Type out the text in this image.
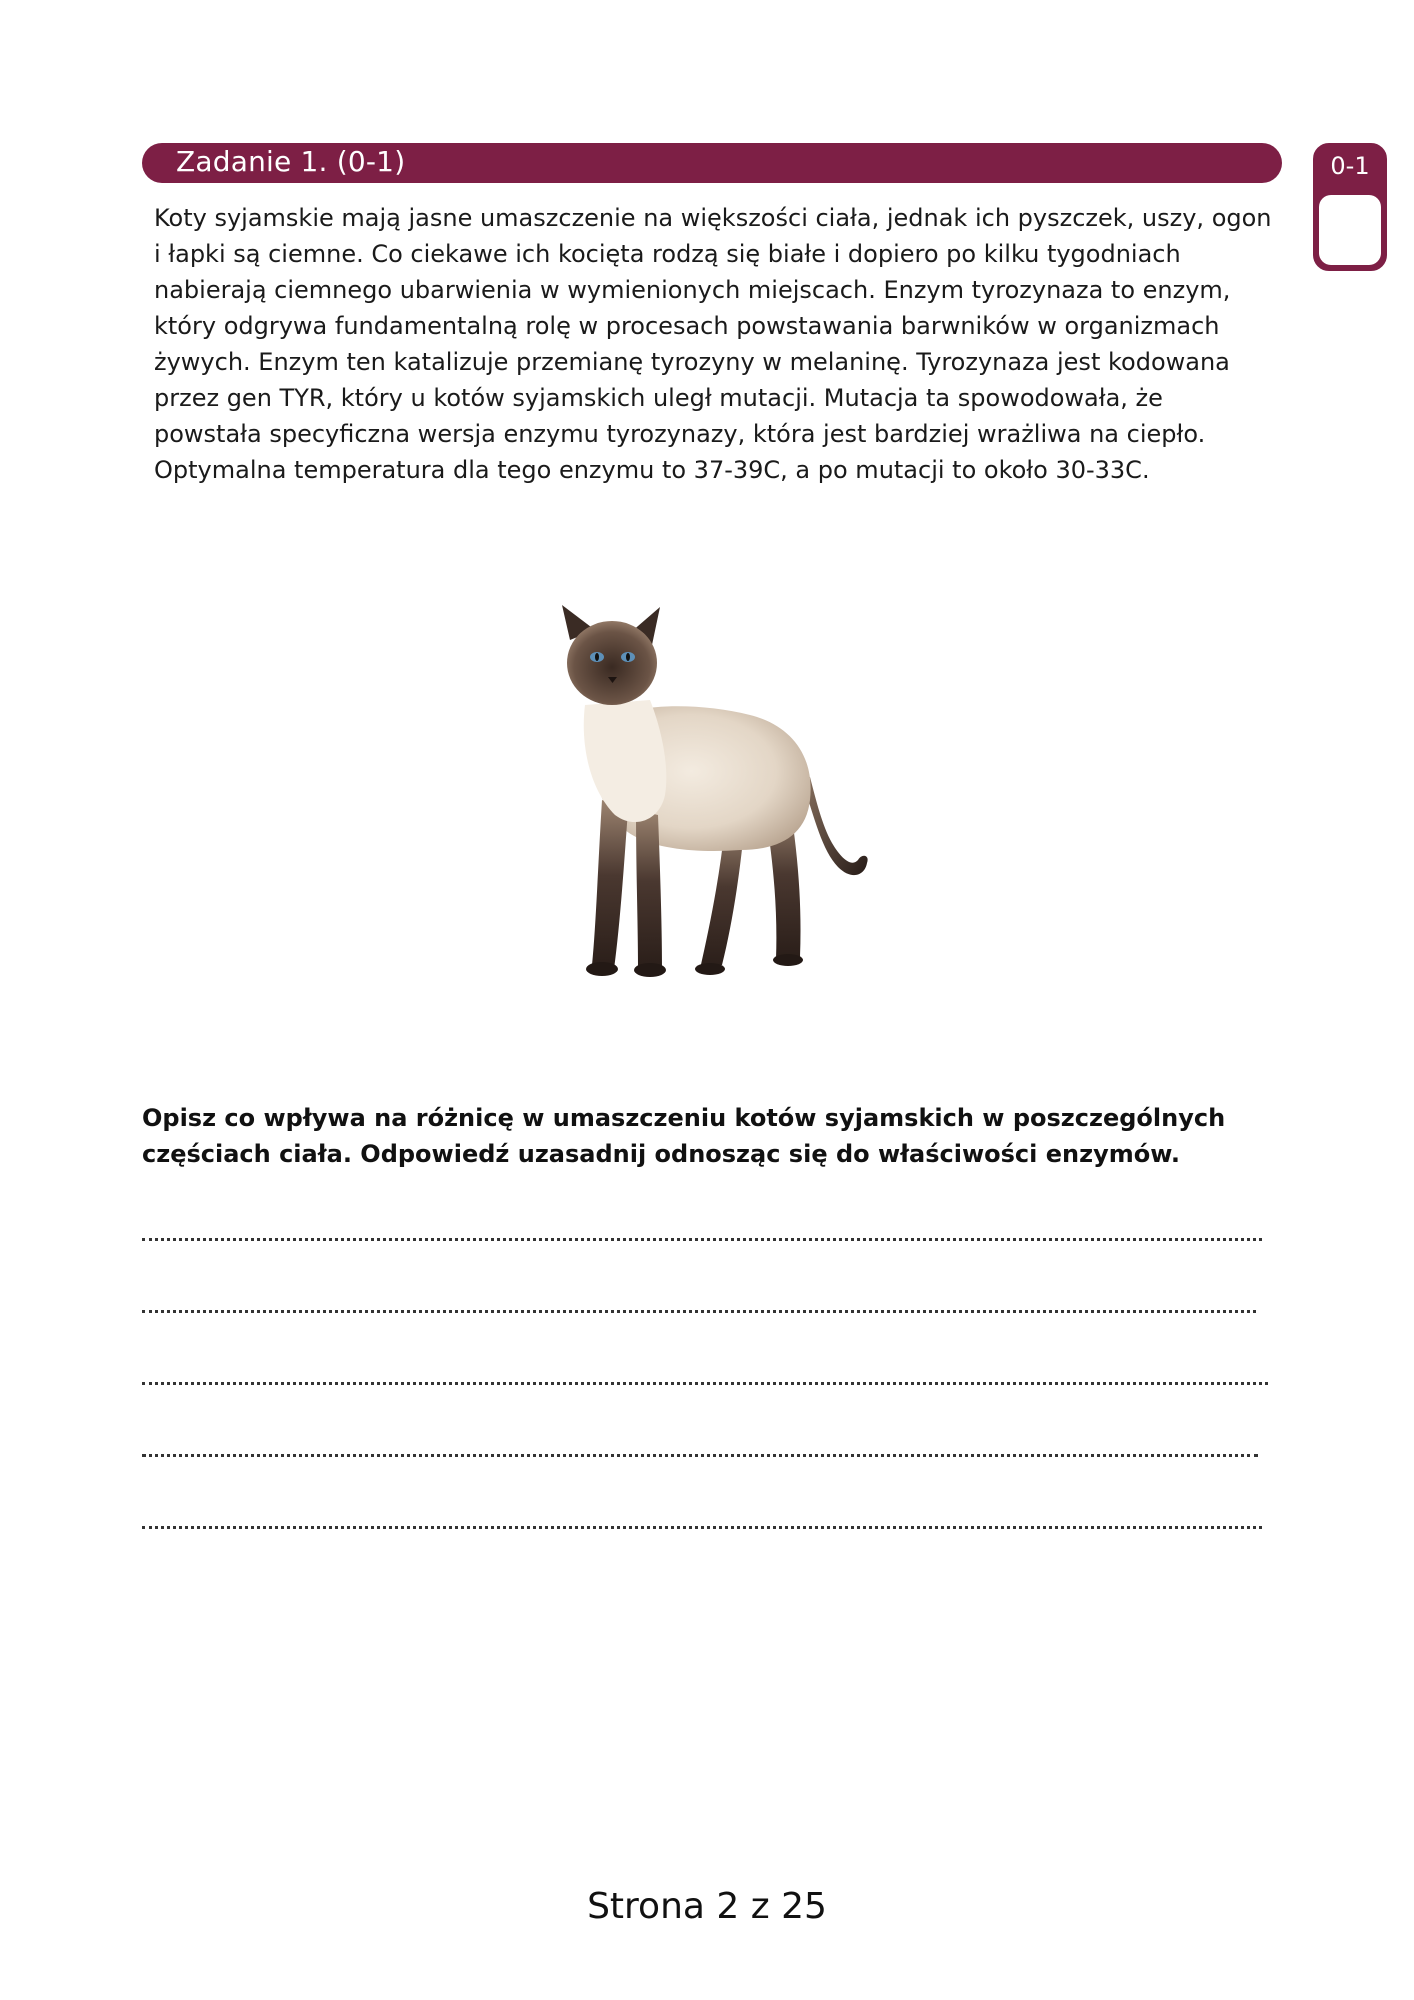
Zadanie 1. (0-1)	0-1

Koty syjamskie mają jasne umaszczenie na większości ciała, jednak ich pyszczek, uszy, ogon i łapki są ciemne. Co ciekawe ich kocięta rodzą się białe i dopiero po kilku tygodniach nabierają ciemnego ubarwienia w wymienionych miejscach. Enzym tyrozynaza to enzym, który odgrywa fundamentalną rolę w procesach powstawania barwników w organizmach żywych. Enzym ten katalizuje przemianę tyrozyny w melaninę. Tyrozynaza jest kodowana przez gen TYR, który u kotów syjamskich uległ mutacji. Mutacja ta spowodowała, że powstała specyficzna wersja enzymu tyrozynazy, która jest bardziej wrażliwa na ciepło. Optymalna temperatura dla tego enzymu to 37-39C, a po mutacji to około 30-33C.

Opisz co wpływa na różnicę w umaszczeniu kotów syjamskich w poszczególnych częściach ciała. Odpowiedź uzasadnij odnosząc się do właściwości enzymów.

Strona 2 z 25
